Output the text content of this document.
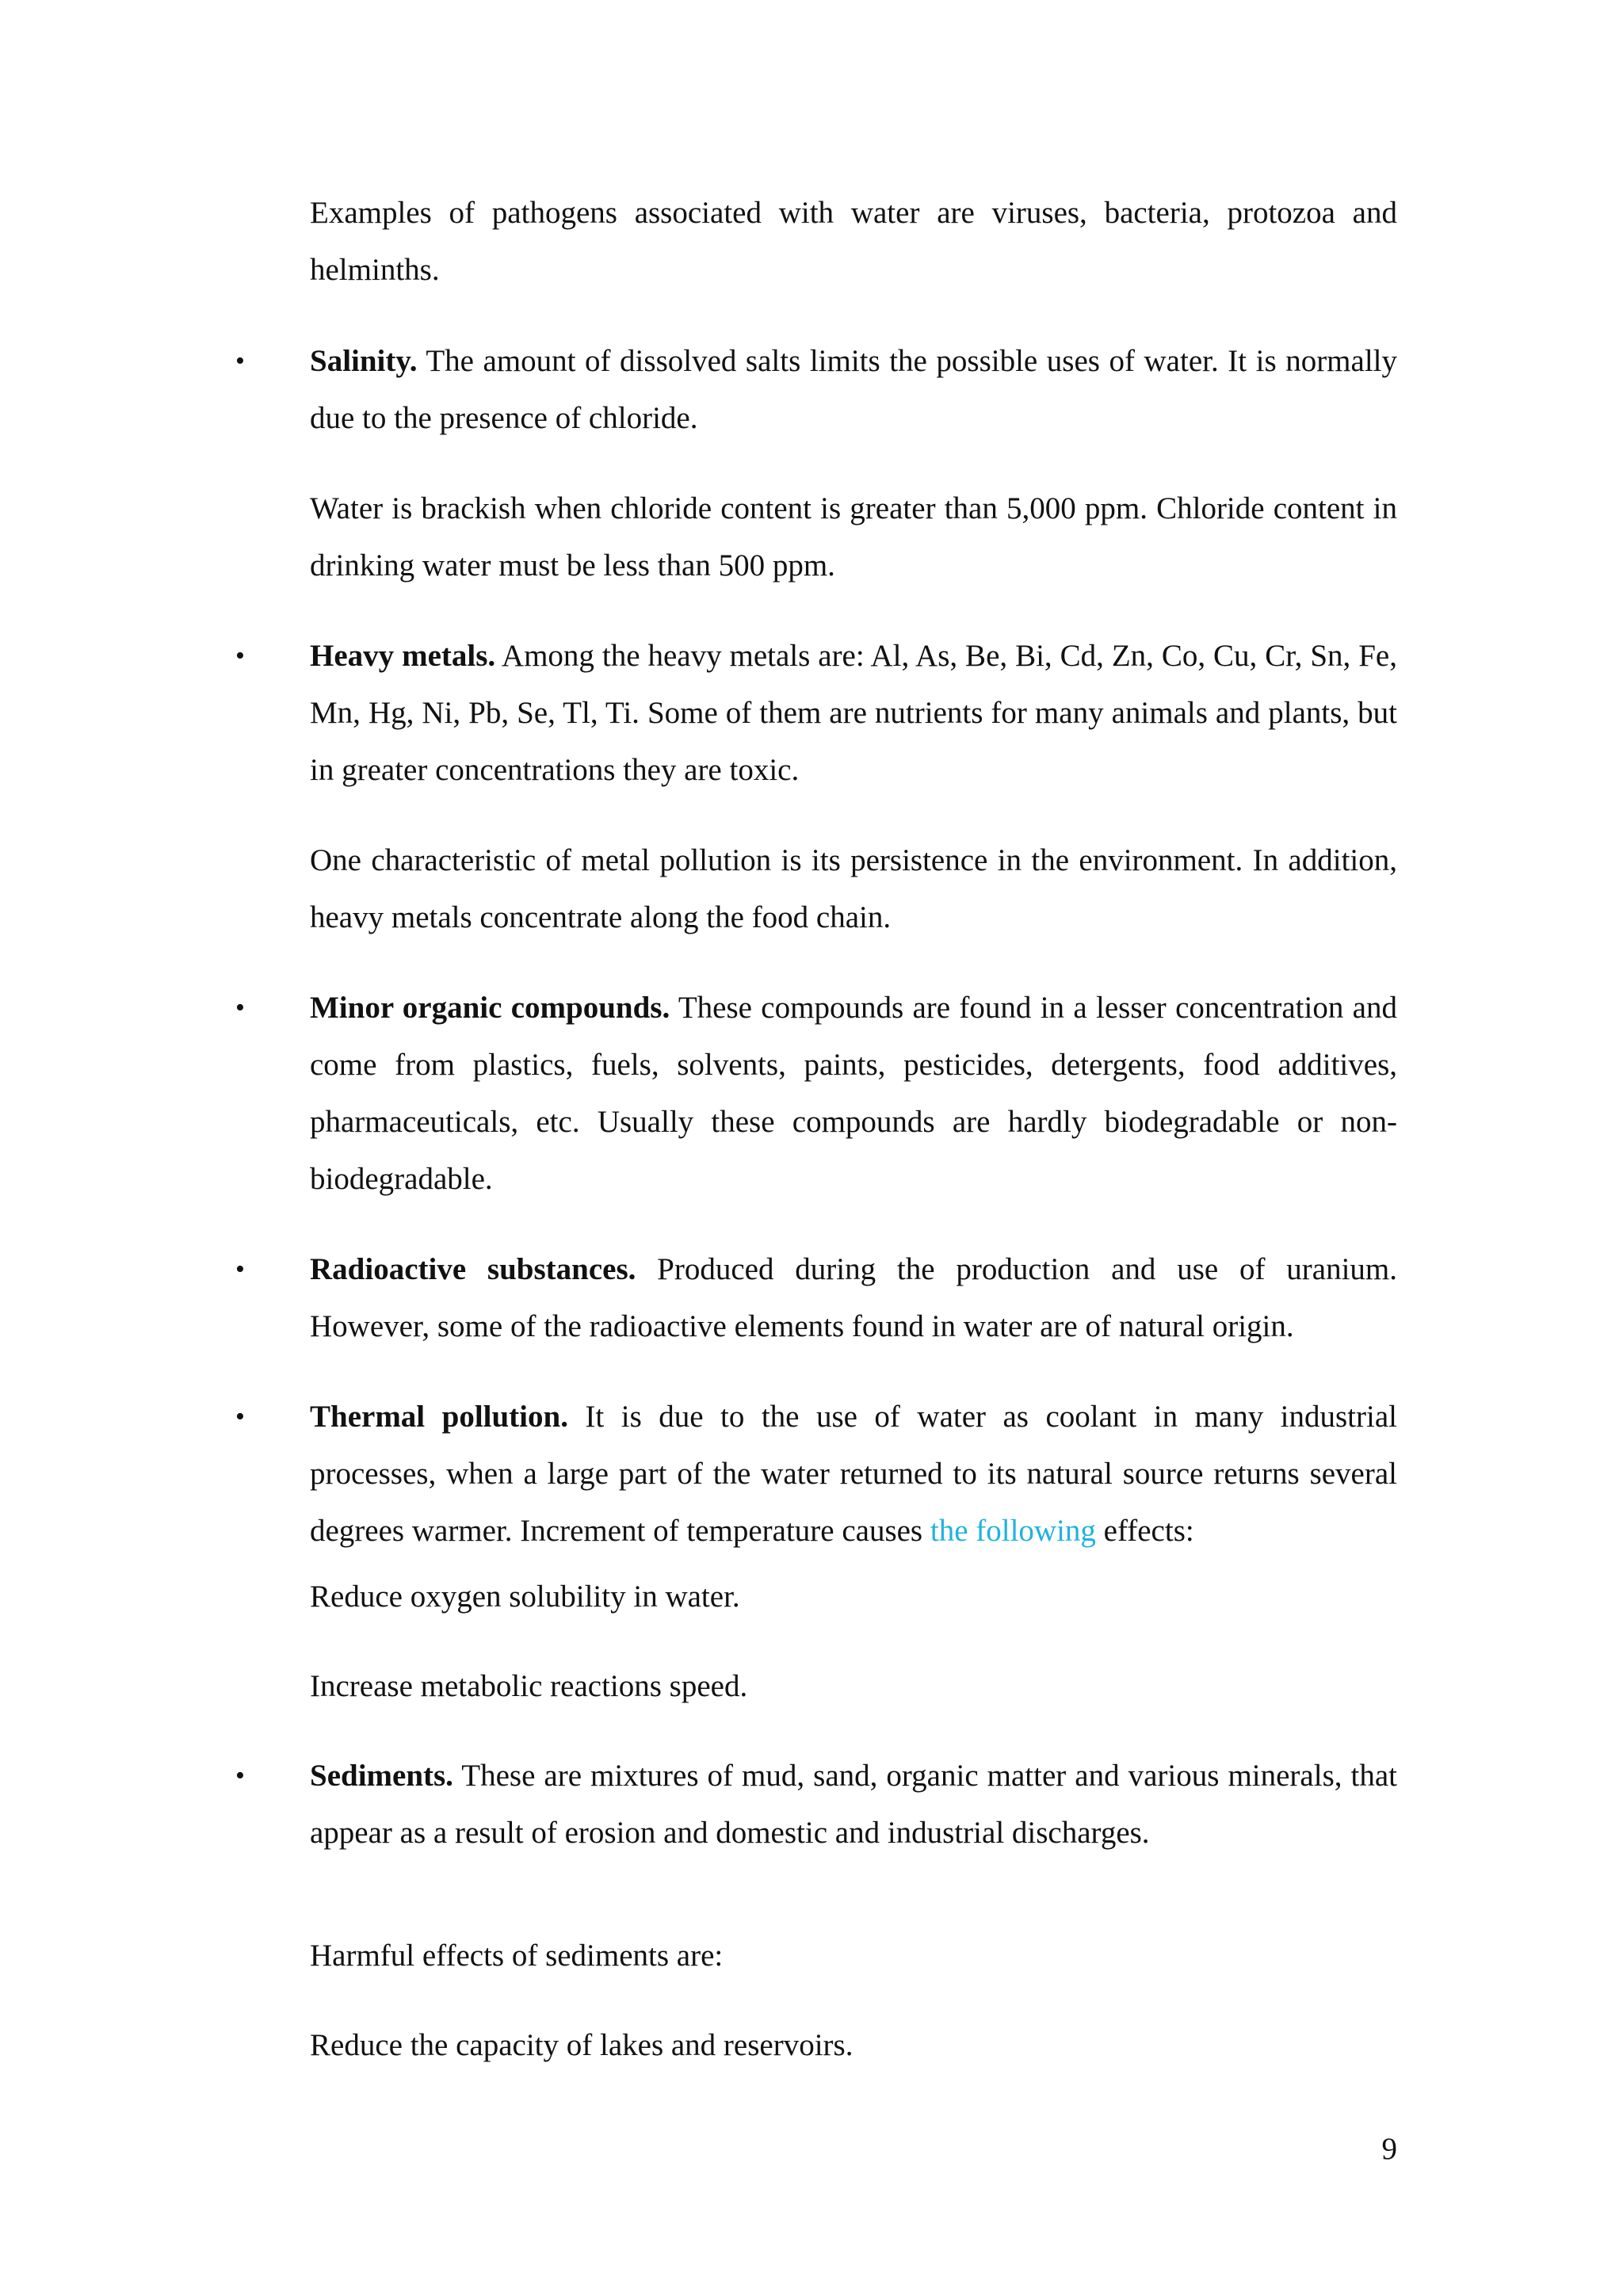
Examples of pathogens associated with water are viruses, bacteria, protozoa and helminths.

• Salinity. The amount of dissolved salts limits the possible uses of water. It is normally due to the presence of chloride.

Water is brackish when chloride content is greater than 5,000 ppm. Chloride content in drinking water must be less than 500 ppm.

• Heavy metals. Among the heavy metals are: Al, As, Be, Bi, Cd, Zn, Co, Cu, Cr, Sn, Fe, Mn, Hg, Ni, Pb, Se, Tl, Ti. Some of them are nutrients for many animals and plants, but in greater concentrations they are toxic.

One characteristic of metal pollution is its persistence in the environment. In addition, heavy metals concentrate along the food chain.

• Minor organic compounds. These compounds are found in a lesser concentration and come from plastics, fuels, solvents, paints, pesticides, detergents, food additives, pharmaceuticals, etc. Usually these compounds are hardly biodegradable or non-biodegradable.

• Radioactive substances. Produced during the production and use of uranium. However, some of the radioactive elements found in water are of natural origin.

• Thermal pollution. It is due to the use of water as coolant in many industrial processes, when a large part of the water returned to its natural source returns several degrees warmer. Increment of temperature causes the following effects:

Reduce oxygen solubility in water.

Increase metabolic reactions speed.

• Sediments. These are mixtures of mud, sand, organic matter and various minerals, that appear as a result of erosion and domestic and industrial discharges.

Harmful effects of sediments are:

Reduce the capacity of lakes and reservoirs.

9
